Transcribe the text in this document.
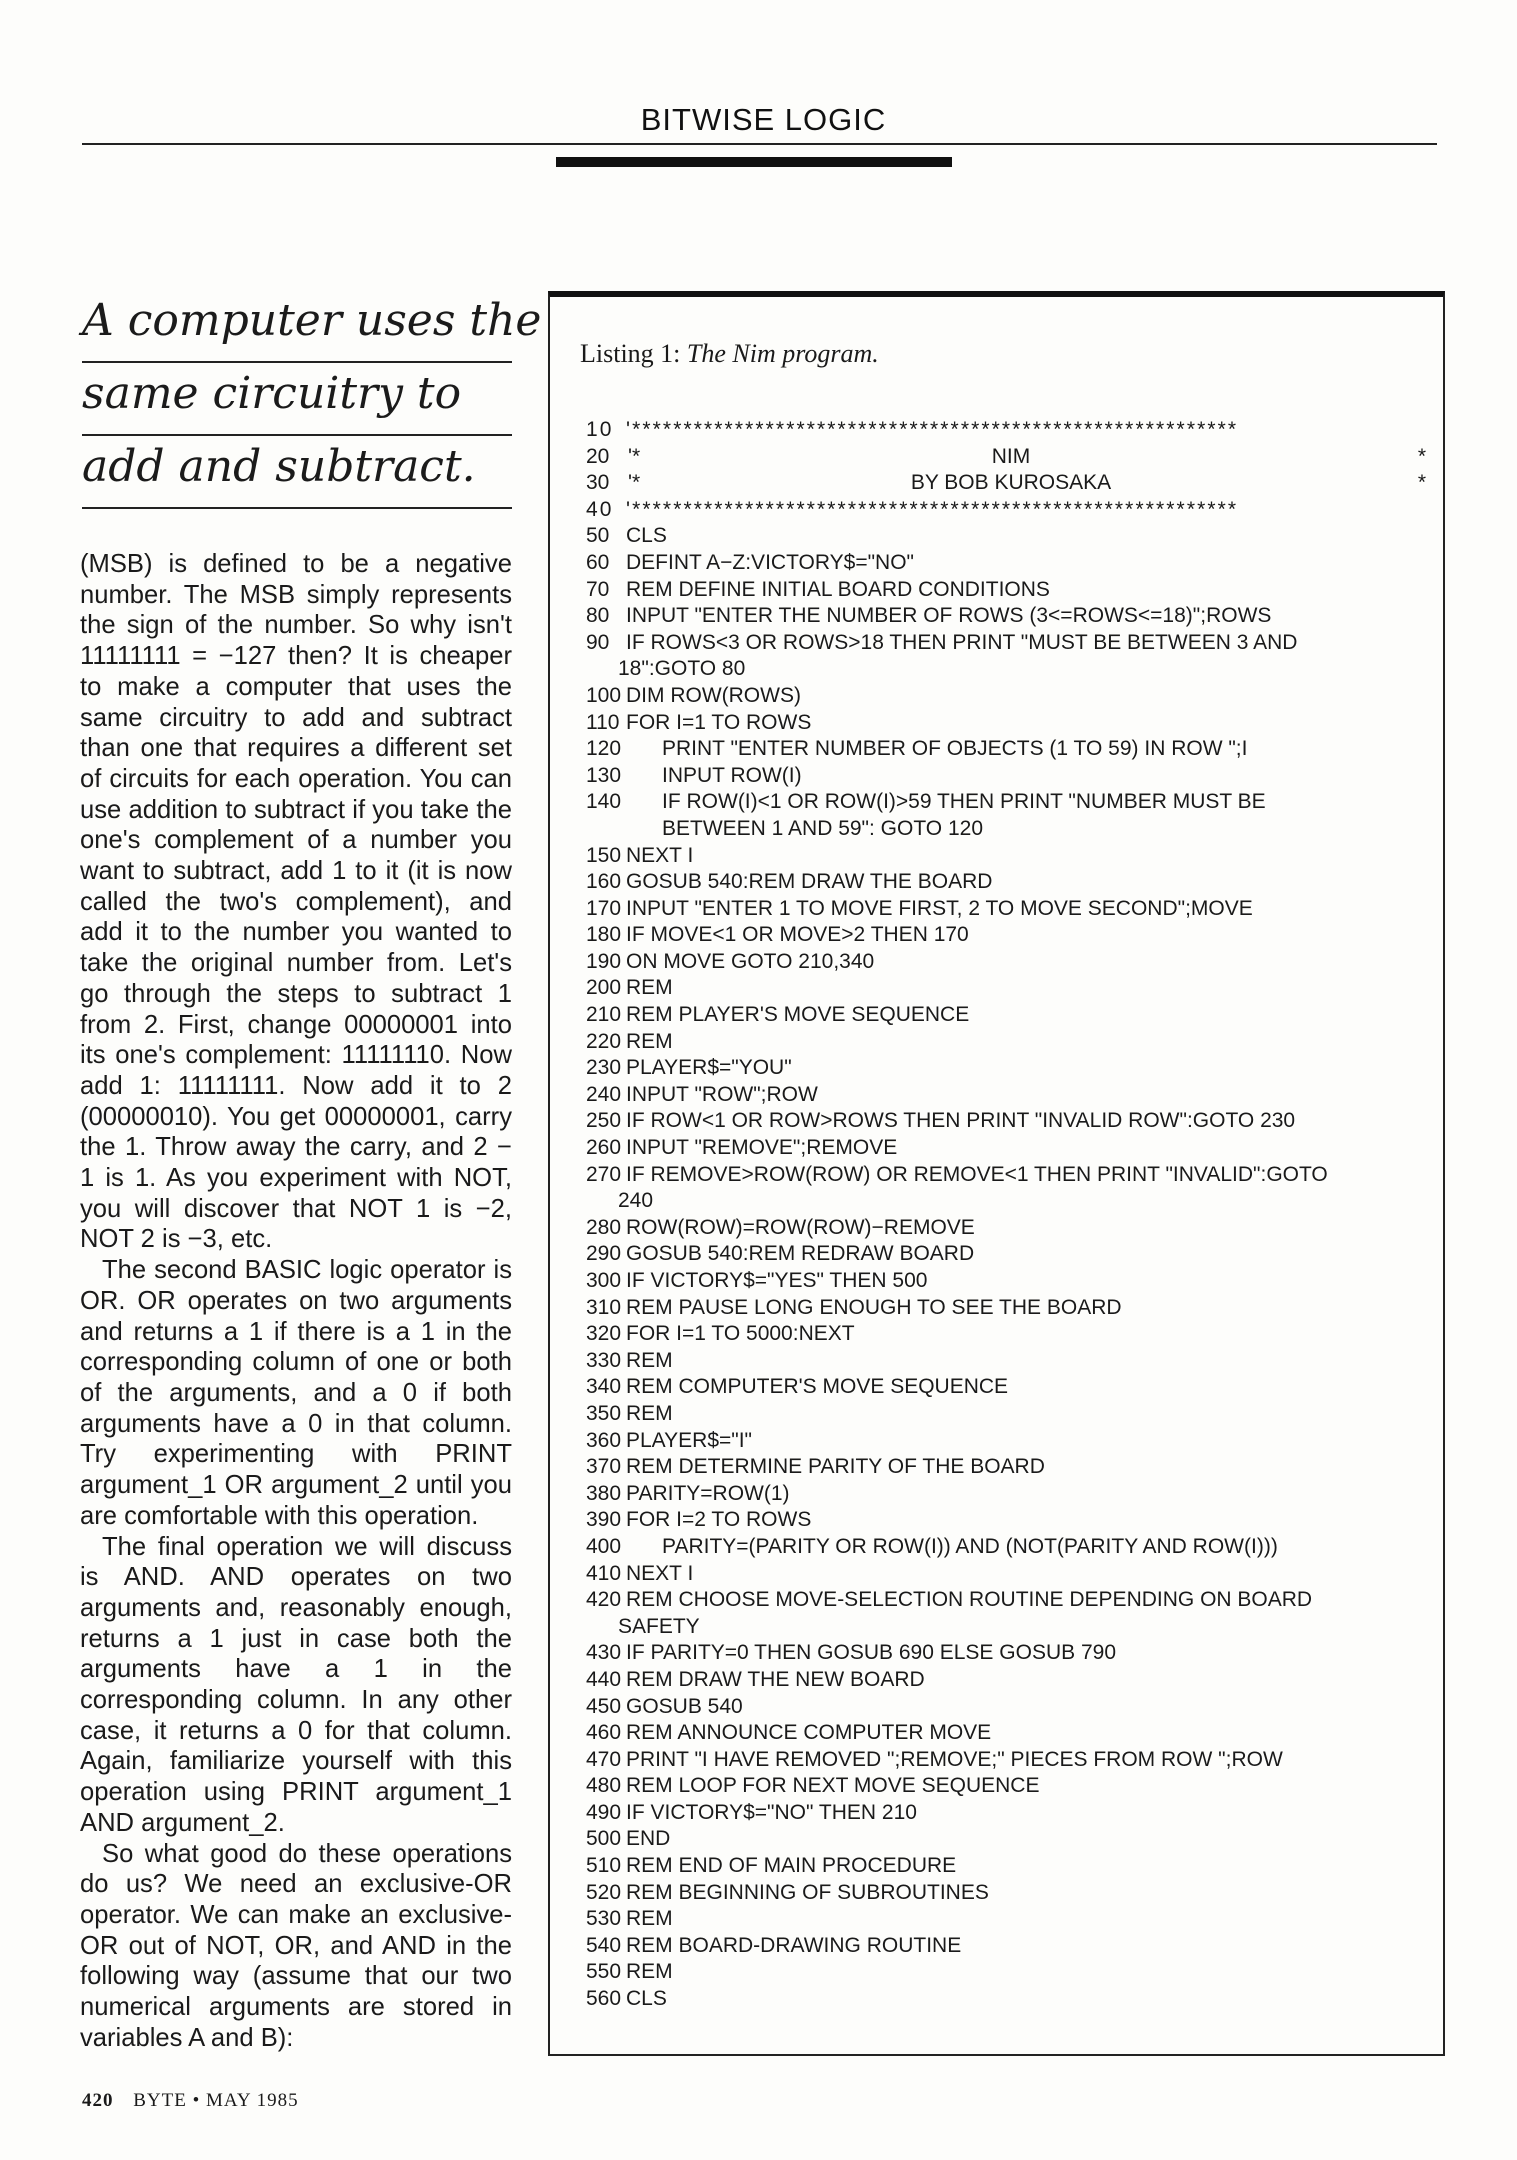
BITWISE LOGIC
A computer uses the
same circuitry to
add and subtract.

(MSB) is defined to be a negative number. The MSB simply represents the sign of the number. So why isn't 11111111 = −127 then? It is cheaper to make a computer that uses the same circuitry to add and subtract than one that requires a different set of circuits for each operation. You can use addition to subtract if you take the one's complement of a number you want to subtract, add 1 to it (it is now called the two's complement), and add it to the number you wanted to take the original number from. Let's go through the steps to subtract 1 from 2. First, change 00000001 into its one's complement: 11111110. Now add 1: 11111111. Now add it to 2 (00000010). You get 00000001, carry the 1. Throw away the carry, and 2 − 1 is 1. As you experiment with NOT, you will discover that NOT 1 is −2, NOT 2 is −3, etc.

The second BASIC logic operator is OR. OR operates on two arguments and returns a 1 if there is a 1 in the corresponding column of one or both of the arguments, and a 0 if both arguments have a 0 in that column. Try experimenting with PRINT argument_1 OR argument_2 until you are comfortable with this operation.

The final operation we will discuss is AND. AND operates on two arguments and, reasonably enough, returns a 1 just in case both the arguments have a 1 in the corresponding column. In any other case, it returns a 0 for that column. Again, familiarize yourself with this operation using PRINT argument_1 AND argument_2.

So what good do these operations do us? We need an exclusive-OR operator. We can make an exclusive-OR out of NOT, OR, and AND in the following way (assume that our two numerical arguments are stored in variables A and B):

Listing 1: The Nim program.
10 '***********************************************************
NIM
20 '*	*
BY BOB KUROSAKA
30 '*	*
40 '***********************************************************
50 CLS
60 DEFINT A−Z:VICTORY$="NO"
70 REM DEFINE INITIAL BOARD CONDITIONS
80 INPUT "ENTER THE NUMBER OF ROWS (3<=ROWS<=18)";ROWS
90 IF ROWS<3 OR ROWS>18 THEN PRINT "MUST BE BETWEEN 3 AND
18":GOTO 80
100 DIM ROW(ROWS)
110 FOR I=1 TO ROWS
120 PRINT "ENTER NUMBER OF OBJECTS (1 TO 59) IN ROW ";I
130 INPUT ROW(I)
140 IF ROW(I)<1 OR ROW(I)>59 THEN PRINT "NUMBER MUST BE
BETWEEN 1 AND 59": GOTO 120
150 NEXT I
160 GOSUB 540:REM DRAW THE BOARD
170 INPUT "ENTER 1 TO MOVE FIRST, 2 TO MOVE SECOND";MOVE
180 IF MOVE<1 OR MOVE>2 THEN 170
190 ON MOVE GOTO 210,340
200 REM
210 REM PLAYER'S MOVE SEQUENCE
220 REM
230 PLAYER$="YOU"
240 INPUT "ROW";ROW
250 IF ROW<1 OR ROW>ROWS THEN PRINT "INVALID ROW":GOTO 230
260 INPUT "REMOVE";REMOVE
270 IF REMOVE>ROW(ROW) OR REMOVE<1 THEN PRINT "INVALID":GOTO
240
280 ROW(ROW)=ROW(ROW)−REMOVE
290 GOSUB 540:REM REDRAW BOARD
300 IF VICTORY$="YES" THEN 500
310 REM PAUSE LONG ENOUGH TO SEE THE BOARD
320 FOR I=1 TO 5000:NEXT
330 REM
340 REM COMPUTER'S MOVE SEQUENCE
350 REM
360 PLAYER$="I"
370 REM DETERMINE PARITY OF THE BOARD
380 PARITY=ROW(1)
390 FOR I=2 TO ROWS
400 PARITY=(PARITY OR ROW(I)) AND (NOT(PARITY AND ROW(I)))
410 NEXT I
420 REM CHOOSE MOVE-SELECTION ROUTINE DEPENDING ON BOARD
SAFETY
430 IF PARITY=0 THEN GOSUB 690 ELSE GOSUB 790
440 REM DRAW THE NEW BOARD
450 GOSUB 540
460 REM ANNOUNCE COMPUTER MOVE
470 PRINT "I HAVE REMOVED ";REMOVE;" PIECES FROM ROW ";ROW
480 REM LOOP FOR NEXT MOVE SEQUENCE
490 IF VICTORY$="NO" THEN 210
500 END
510 REM END OF MAIN PROCEDURE
520 REM BEGINNING OF SUBROUTINES
530 REM
540 REM BOARD-DRAWING ROUTINE
550 REM
560 CLS
420 BYTE • MAY 1985
